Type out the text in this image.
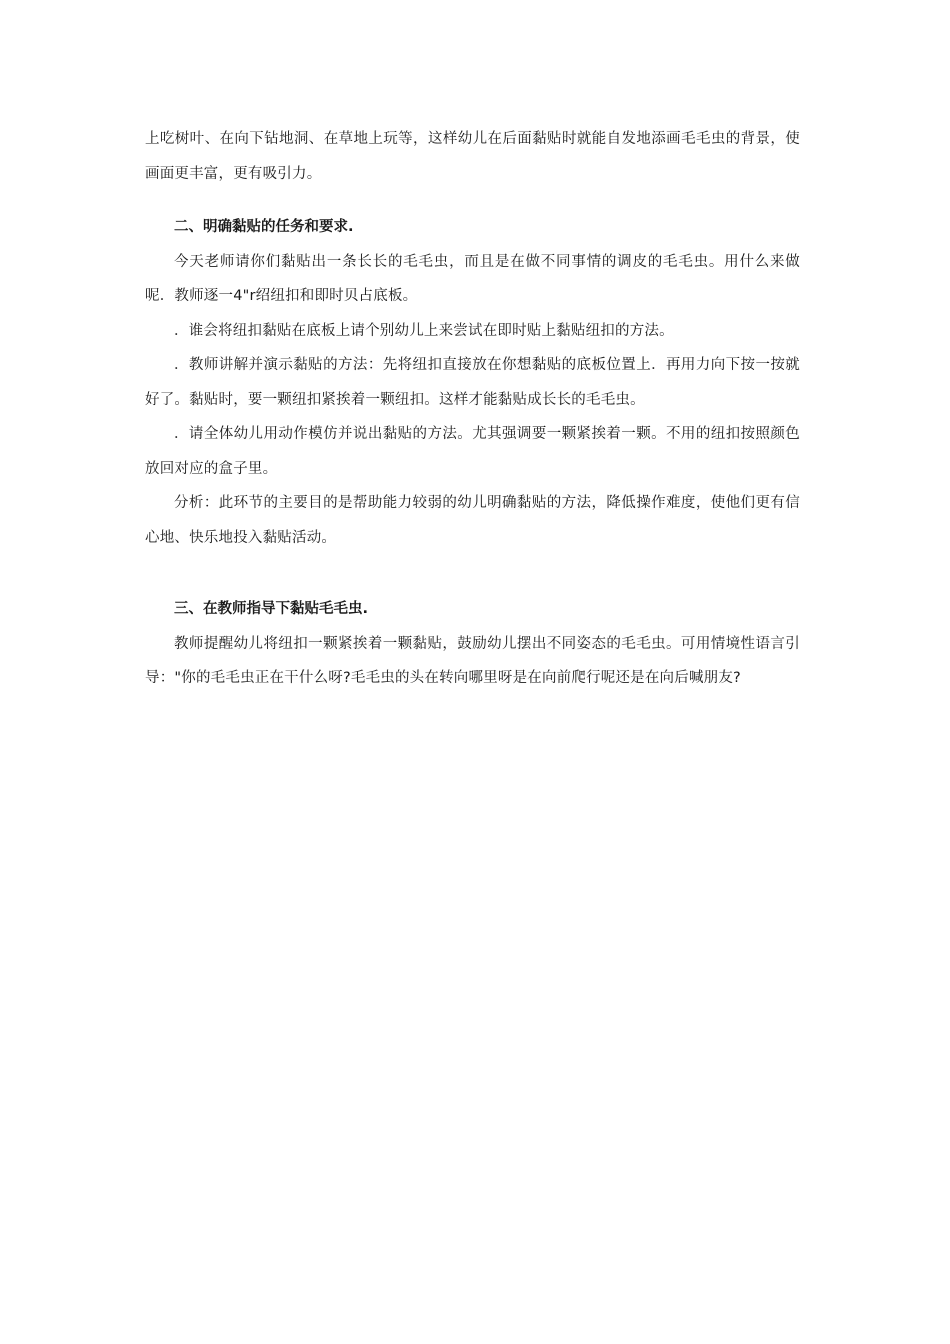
上吃树叶、在向下钻地洞、在草地上玩等，这样幼儿在后面黏贴时就能自发地添画毛毛虫的背景，使画面更丰富，更有吸引力。

二、明确黏贴的任务和要求.

今天老师请你们黏贴出一条长长的毛毛虫，而且是在做不同事情的调皮的毛毛虫。用什么来做呢．教师逐一4"r绍纽扣和即时贝占底板。

．谁会将纽扣黏贴在底板上请个别幼儿上来尝试在即时贴上黏贴纽扣的方法。

．教师讲解并演示黏贴的方法：先将纽扣直接放在你想黏贴的底板位置上．再用力向下按一按就好了。黏贴时，要一颗纽扣紧挨着一颗纽扣。这样才能黏贴成长长的毛毛虫。

．请全体幼儿用动作模仿并说出黏贴的方法。尤其强调要一颗紧挨着一颗。不用的纽扣按照颜色放回对应的盒子里。

分析：此环节的主要目的是帮助能力较弱的幼儿明确黏贴的方法，降低操作难度，使他们更有信心地、快乐地投入黏贴活动。

三、在教师指导下黏贴毛毛虫.

教师提醒幼儿将纽扣一颗紧挨着一颗黏贴，鼓励幼儿摆出不同姿态的毛毛虫。可用情境性语言引导："你的毛毛虫正在干什么呀?毛毛虫的头在转向哪里呀是在向前爬行呢还是在向后喊朋友?
